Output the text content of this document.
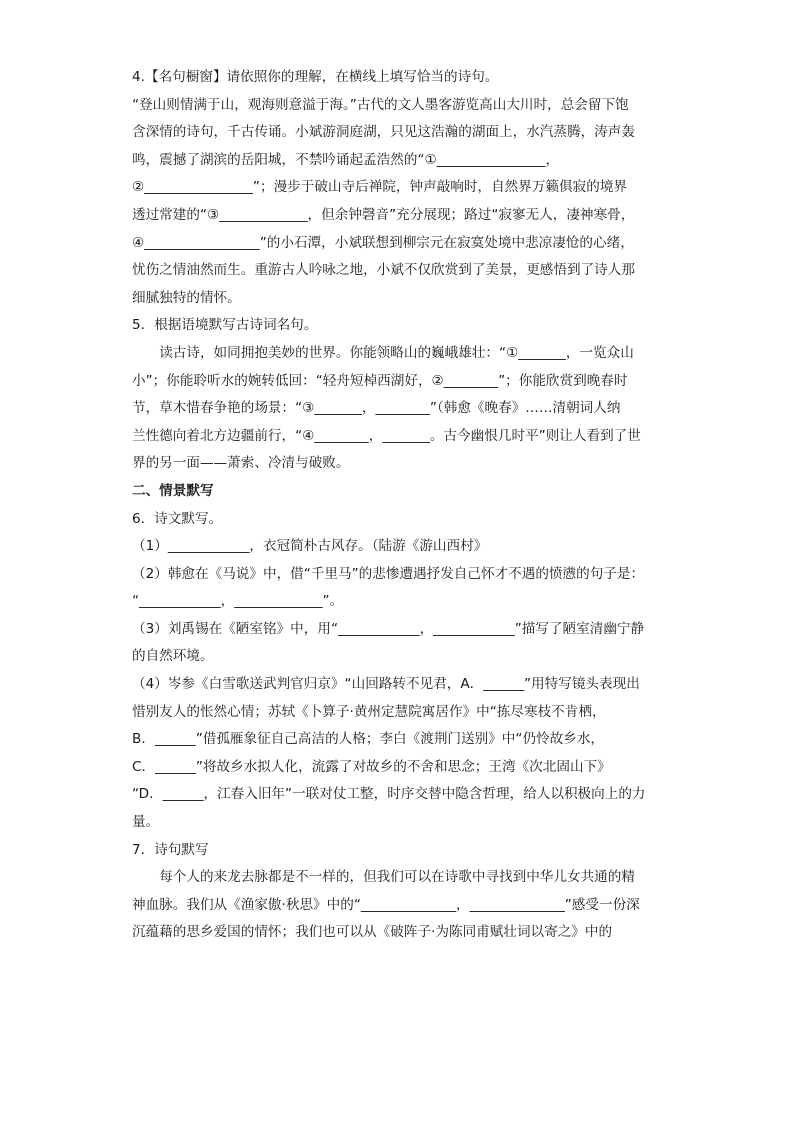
4.【名句橱窗】请依照你的理解，在横线上填写恰当的诗句。
“登山则情满于山，观海则意溢于海。”古代的文人墨客游览高山大川时，总会留下饱
含深情的诗句，千古传诵。小斌游洞庭湖，只见这浩瀚的湖面上，水汽蒸腾，涛声轰
鸣，震撼了湖滨的岳阳城，不禁吟诵起孟浩然的“①________________，
②________________”；漫步于破山寺后禅院，钟声敲响时，自然界万籁俱寂的境界
透过常建的“③_____________，但余钟磬音”充分展现；路过“寂寥无人，凄神寒骨，
④_________________”的小石潭，小斌联想到柳宗元在寂寞处境中悲凉凄怆的心绪，
忧伤之情油然而生。重游古人吟咏之地，小斌不仅欣赏到了美景，更感悟到了诗人那
细腻独特的情怀。
5．根据语境默写古诗词名句。
读古诗，如同拥抱美妙的世界。你能领略山的巍峨雄壮：“①_______，一览众山
小”；你能聆听水的婉转低回：“轻舟短棹西湖好，②________”；你能欣赏到晚春时
节，草木惜春争艳的场景：“③_______，________”（韩愈《晚春》……清朝词人纳
兰性德向着北方边疆前行，“④________，_______。古今幽恨几时平”则让人看到了世
界的另一面——萧索、冷清与破败。
二、情景默写
6．诗文默写。
（1）____________，衣冠简朴古风存。（陆游《游山西村》
（2）韩愈在《马说》中，借“千里马”的悲惨遭遇抒发自己怀才不遇的愤懑的句子是：
“____________，_____________”。
（3）刘禹锡在《陋室铭》中，用“____________，____________”描写了陋室清幽宁静
的自然环境。
（4）岑参《白雪歌送武判官归京》“山回路转不见君，A．______”用特写镜头表现出
惜别友人的怅然心情；苏轼《卜算子·黄州定慧院寓居作》中“拣尽寒枝不肯栖，
B．______”借孤雁象征自己高洁的人格；李白《渡荆门送别》中“仍怜故乡水，
C．______”将故乡水拟人化，流露了对故乡的不舍和思念；王湾《次北固山下》
“D．______，江春入旧年”一联对仗工整，时序交替中隐含哲理，给人以积极向上的力
量。
7．诗句默写
每个人的来龙去脉都是不一样的，但我们可以在诗歌中寻找到中华儿女共通的精
神血脉。我们从《渔家傲·秋思》中的“______________，______________”感受一份深
沉蕴藉的思乡爱国的情怀；我们也可以从《破阵子·为陈同甫赋壮词以寄之》中的
